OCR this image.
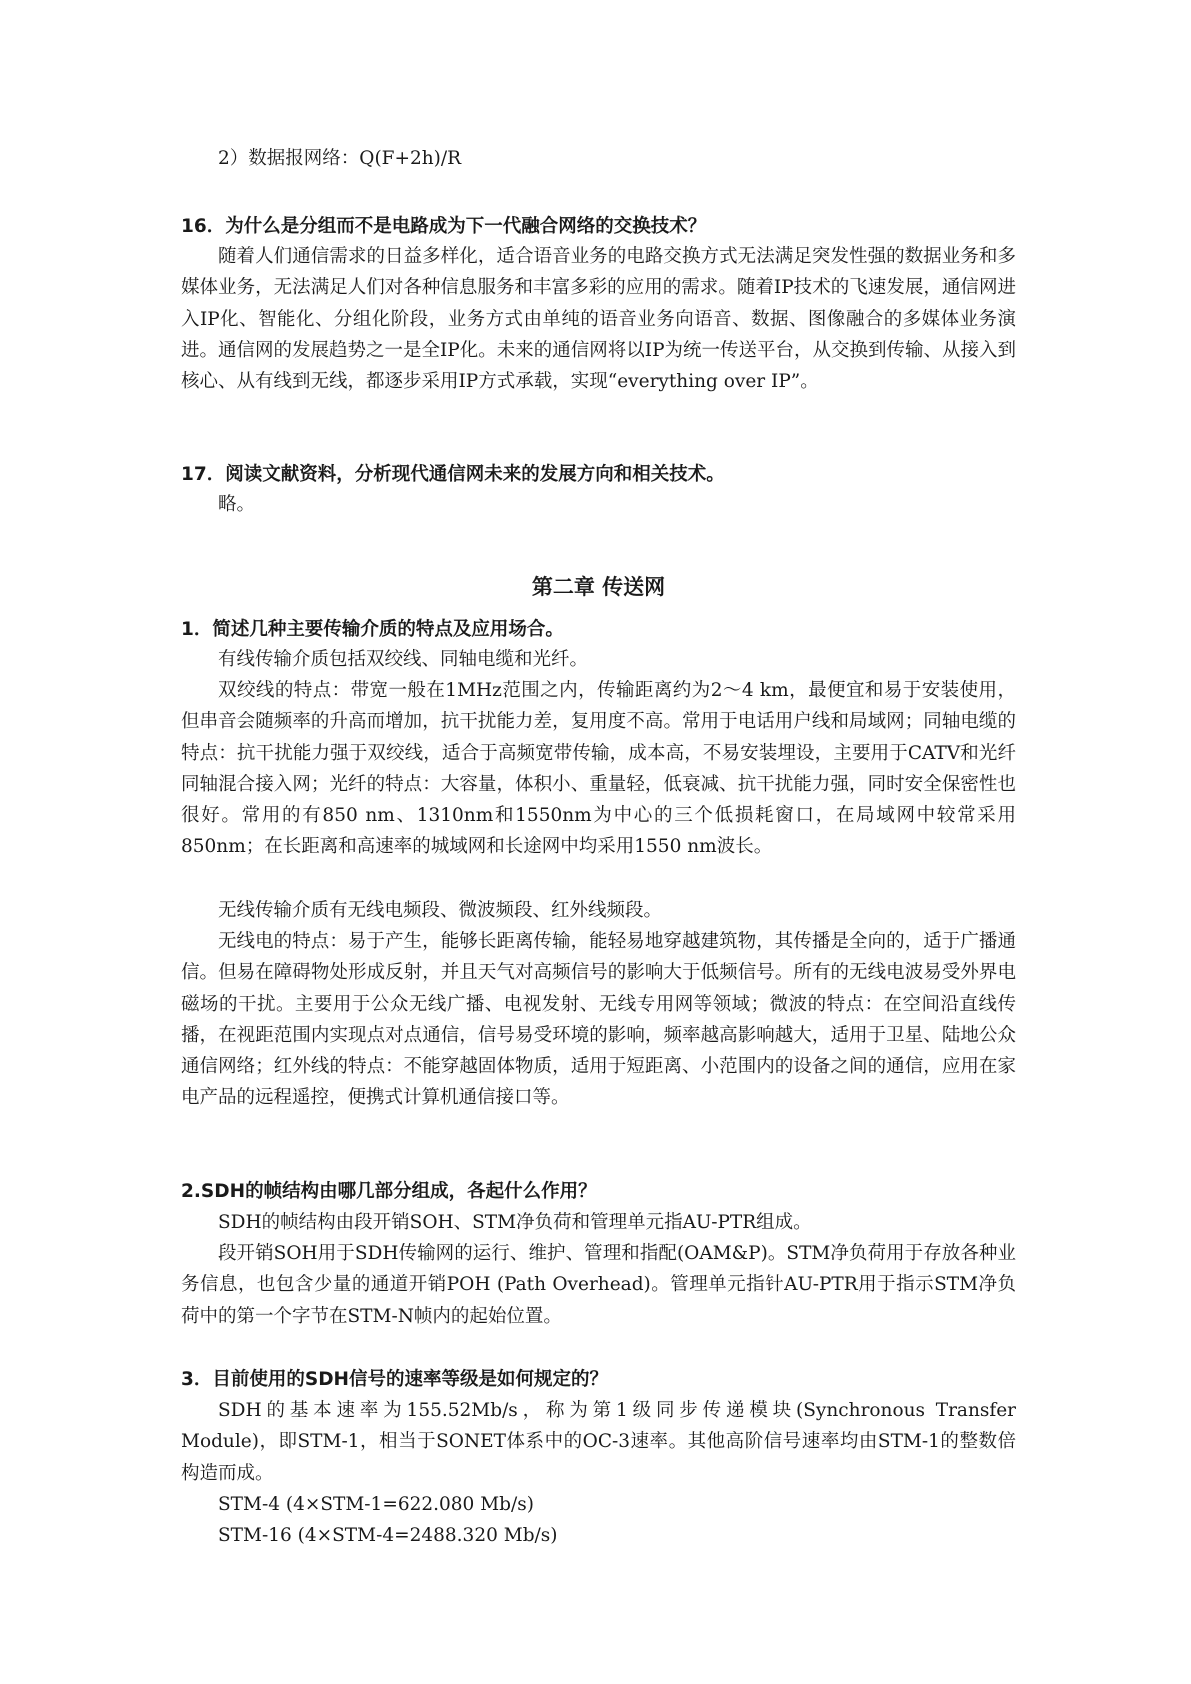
2）数据报网络：Q(F+2h)/R
16．为什么是分组而不是电路成为下一代融合网络的交换技术？
随着人们通信需求的日益多样化，适合语音业务的电路交换方式无法满足突发性强的数据业务和多媒体业务，无法满足人们对各种信息服务和丰富多彩的应用的需求。随着IP技术的飞速发展，通信网进入IP化、智能化、分组化阶段，业务方式由单纯的语音业务向语音、数据、图像融合的多媒体业务演进。通信网的发展趋势之一是全IP化。未来的通信网将以IP为统一传送平台，从交换到传输、从接入到核心、从有线到无线，都逐步采用IP方式承载，实现“everything over IP”。
17．阅读文献资料，分析现代通信网未来的发展方向和相关技术。
略。
第二章 传送网
1．简述几种主要传输介质的特点及应用场合。
有线传输介质包括双绞线、同轴电缆和光纤。
双绞线的特点：带宽一般在1MHz范围之内，传输距离约为2～4 km，最便宜和易于安装使用，但串音会随频率的升高而增加，抗干扰能力差，复用度不高。常用于电话用户线和局域网；同轴电缆的特点：抗干扰能力强于双绞线，适合于高频宽带传输，成本高，不易安装埋设，主要用于CATV和光纤同轴混合接入网；光纤的特点：大容量，体积小、重量轻，低衰减、抗干扰能力强，同时安全保密性也很好。常用的有850 nm、1310nm和1550nm为中心的三个低损耗窗口，在局域网中较常采用850nm；在长距离和高速率的城域网和长途网中均采用1550 nm波长。
无线传输介质有无线电频段、微波频段、红外线频段。
无线电的特点：易于产生，能够长距离传输，能轻易地穿越建筑物，其传播是全向的，适于广播通信。但易在障碍物处形成反射，并且天气对高频信号的影响大于低频信号。所有的无线电波易受外界电磁场的干扰。主要用于公众无线广播、电视发射、无线专用网等领域；微波的特点：在空间沿直线传播，在视距范围内实现点对点通信，信号易受环境的影响，频率越高影响越大，适用于卫星、陆地公众通信网络；红外线的特点：不能穿越固体物质，适用于短距离、小范围内的设备之间的通信，应用在家电产品的远程遥控，便携式计算机通信接口等。
2.SDH的帧结构由哪几部分组成，各起什么作用？
SDH的帧结构由段开销SOH、STM净负荷和管理单元指AU-PTR组成。
段开销SOH用于SDH传输网的运行、维护、管理和指配(OAM&P)。STM净负荷用于存放各种业务信息，也包含少量的通道开销POH (Path Overhead)。管理单元指针AU-PTR用于指示STM净负荷中的第一个字节在STM-N帧内的起始位置。
3．目前使用的SDH信号的速率等级是如何规定的？
SDH的基本速率为155.52Mb/s，称为第1级同步传递模块(Synchronous Transfer Module)，即STM-1，相当于SONET体系中的OC-3速率。其他高阶信号速率均由STM-1的整数倍构造而成。
STM-4 (4×STM-1=622.080 Mb/s)
STM-16 (4×STM-4=2488.320 Mb/s)
